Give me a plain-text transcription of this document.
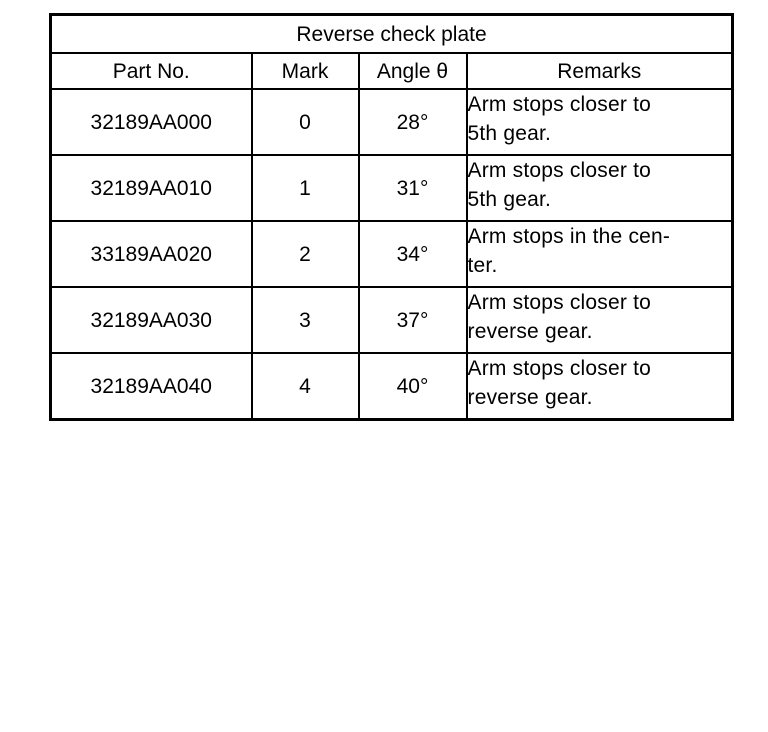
Reverse check plate			
Part No.	Mark	Angle θ	Remarks
32189AA000	0	28°	Arm stops closer to
5th gear.

32189AA010	1	31°	Arm stops closer to
5th gear.

33189AA020	2	34°	Arm stops in the cen-
ter.

32189AA030	3	37°	Arm stops closer to
reverse gear.

32189AA040	4	40°	Arm stops closer to
reverse gear.
